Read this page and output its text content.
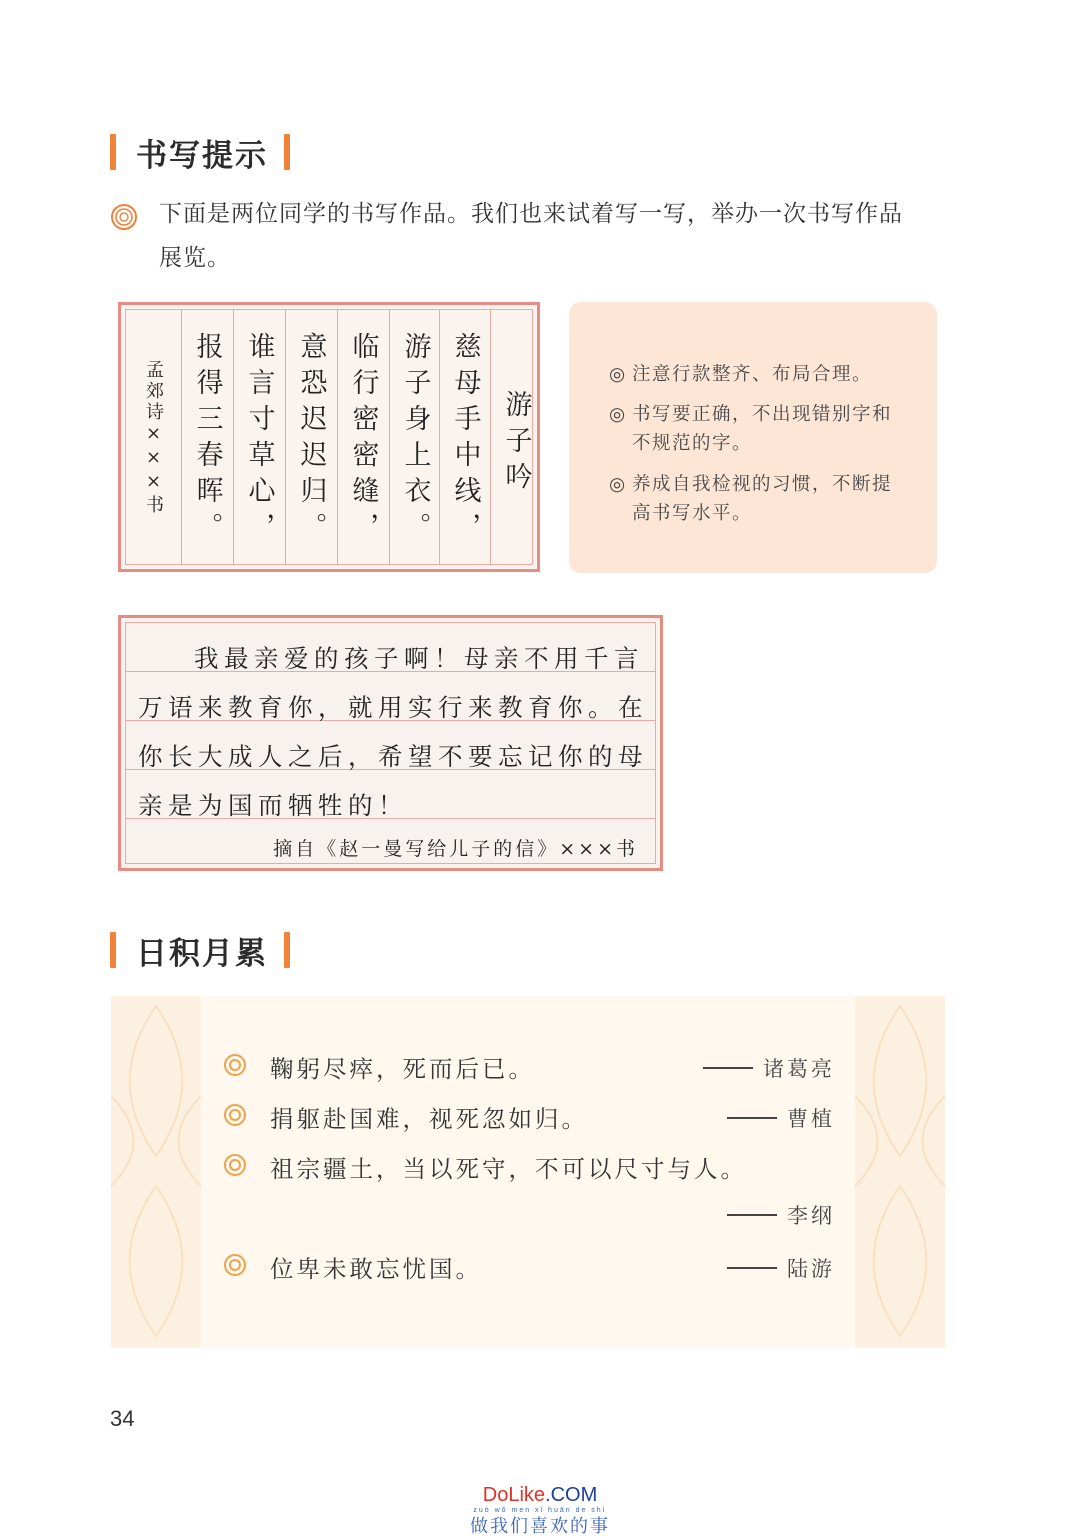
书写提示
下面是两位同学的书写作品。我们也来试着写一写，举办一次书写作品
展览。
孟郊诗×××书 报得三春晖。 谁言寸草心， 意恐迟迟归。 临行密密缝， 游子身上衣。 慈母手中线， 游子吟
◎ 注意行款整齐、布局合理。
◎ 书写要正确，不出现错别字和不规范的字。
◎ 养成自我检视的习惯，不断提高书写水平。
我最亲爱的孩子啊！母亲不用千言
万语来教育你，就用实行来教育你。在
你长大成人之后，希望不要忘记你的母
亲是为国而牺牲的！
摘自《赵一曼写给儿子的信》×××书
日积月累
鞠躬尽瘁，死而后已。	诸葛亮
捐躯赴国难，视死忽如归。	曹植
祖宗疆土，当以死守，不可以尺寸与人。
李纲
位卑未敢忘忧国。	陆游
34
DoLike.COM
zuò wǒ men xǐ huān de shì
做我们喜欢的事
